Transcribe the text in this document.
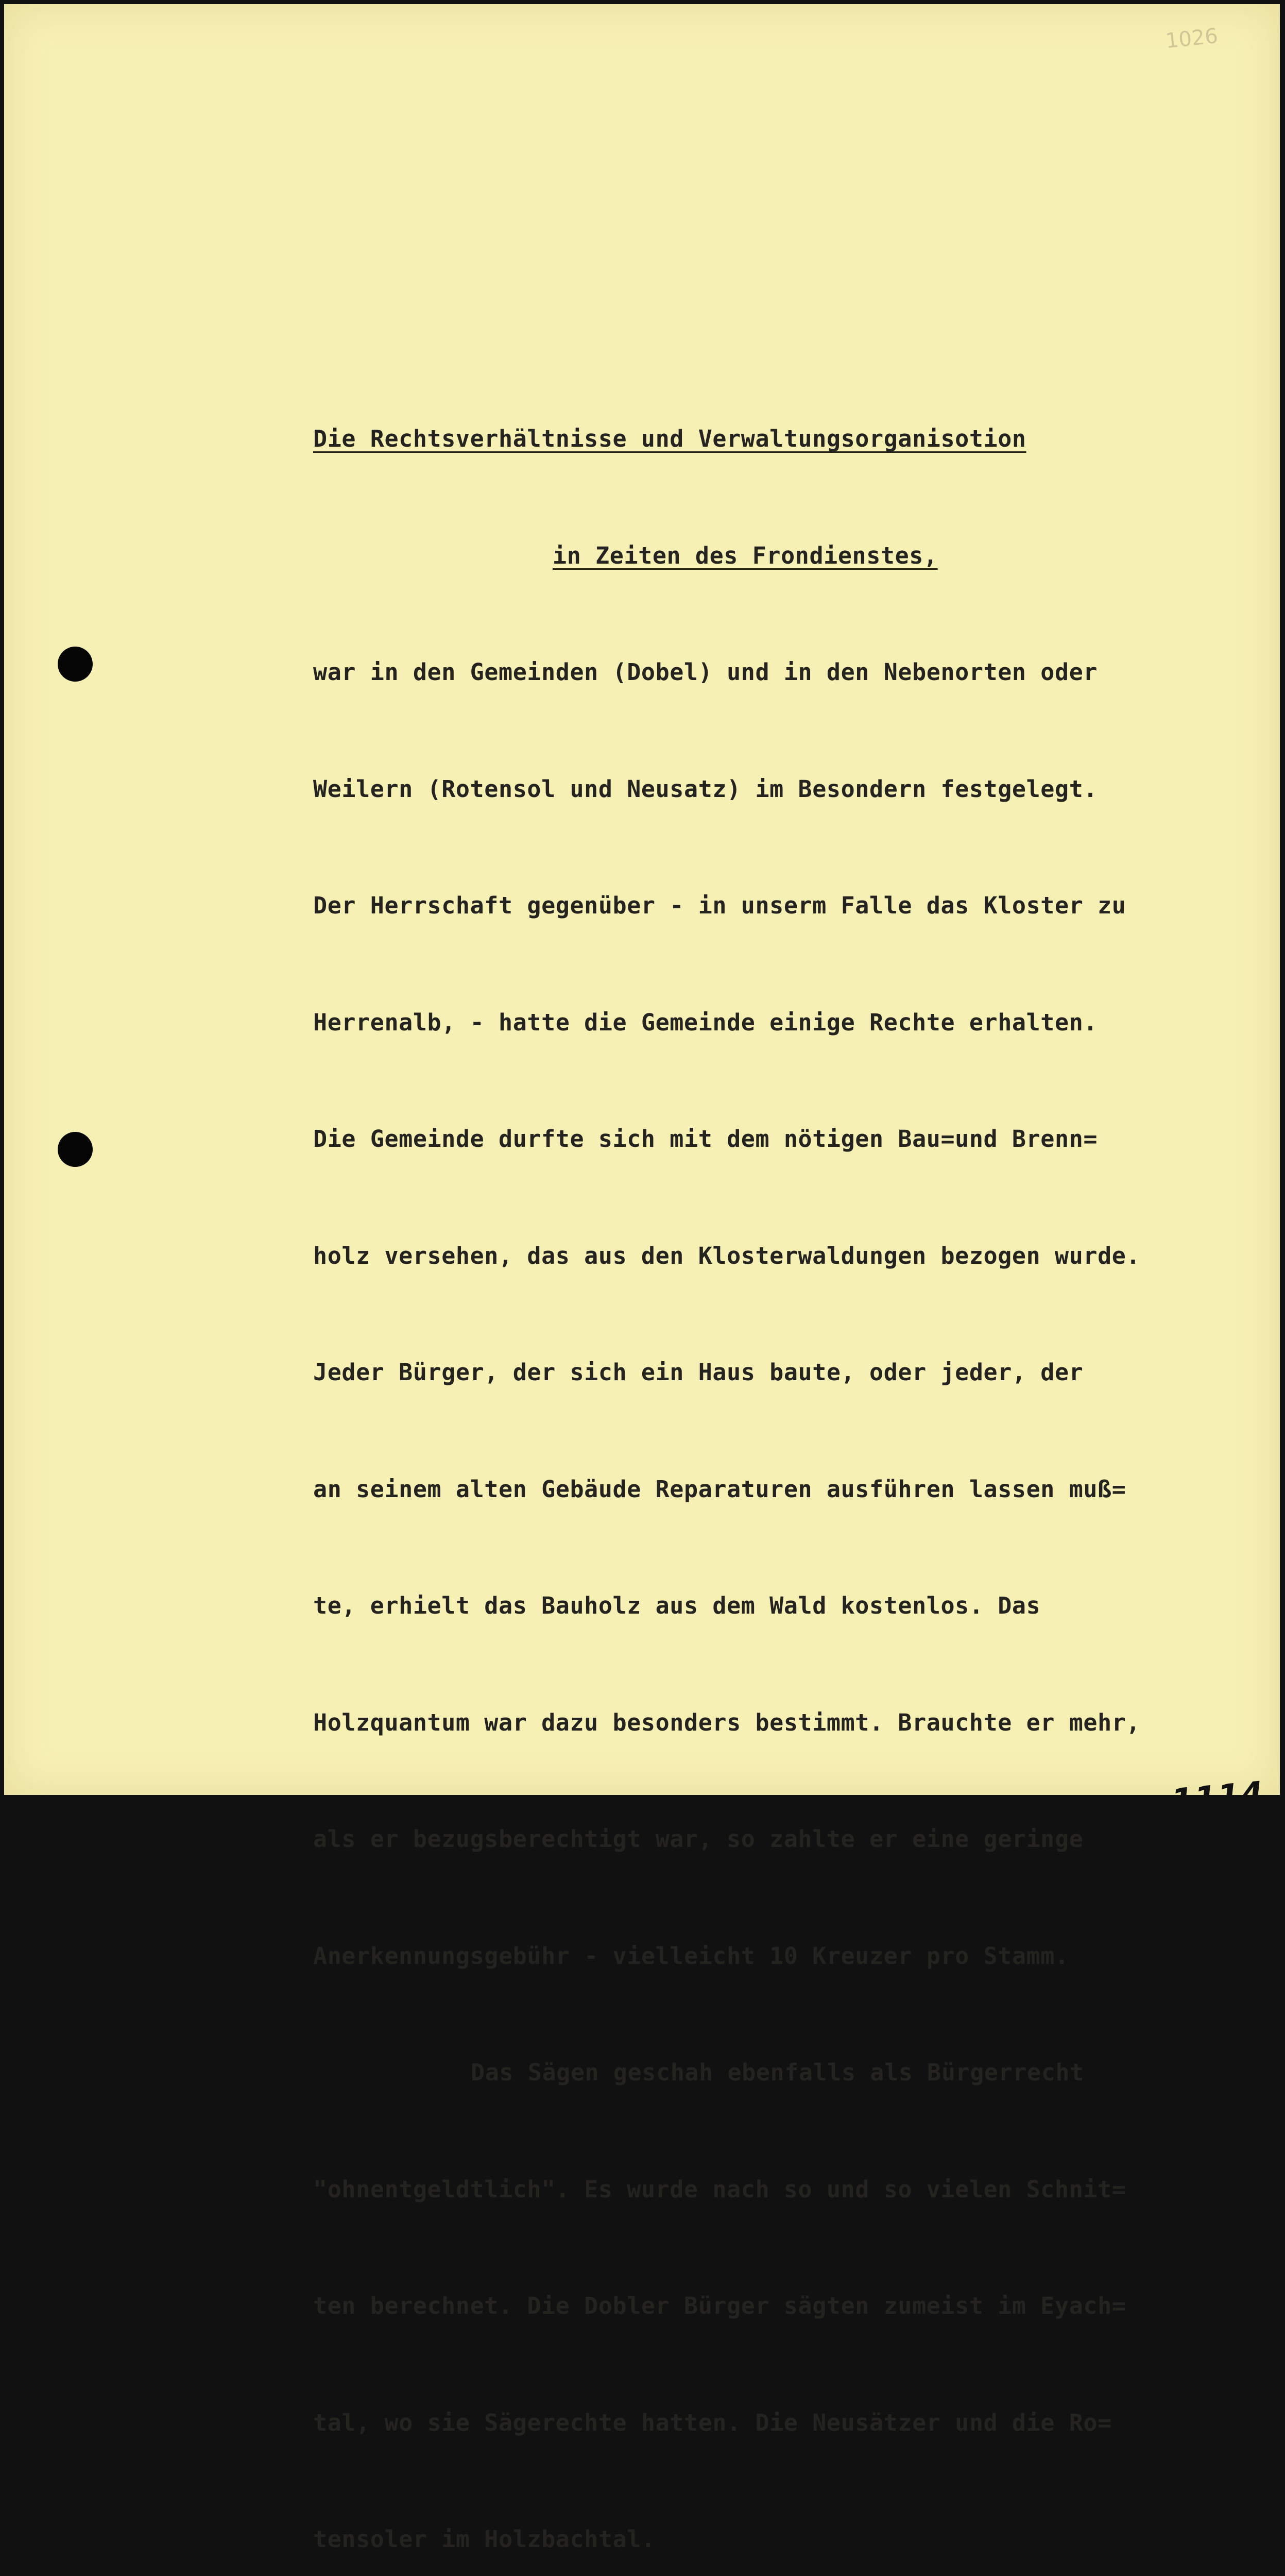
1026

Die Rechtsverhältnisse und Verwaltungsorganisotion

in Zeiten des Frondienstes,

war in den Gemeinden (Dobel) und in den Nebenorten oder

Weilern (Rotensol und Neusatz) im Besondern festgelegt.

Der Herrschaft gegenüber - in unserm Falle das Kloster zu

Herrenalb, - hatte die Gemeinde einige Rechte erhalten.

Die Gemeinde durfte sich mit dem nötigen Bau=und Brenn=

holz versehen, das aus den Klosterwaldungen bezogen wurde.

Jeder Bürger, der sich ein Haus baute, oder jeder, der

an seinem alten Gebäude Reparaturen ausführen lassen muß=

te, erhielt das Bauholz aus dem Wald kostenlos. Das

Holzquantum war dazu besonders bestimmt. Brauchte er mehr,

als er bezugsberechtigt war, so zahlte er eine geringe

Anerkennungsgebühr - vielleicht 10 Kreuzer pro Stamm.

Das Sägen geschah ebenfalls als Bürgerrecht

"ohnentgeldtlich". Es wurde nach so und so vielen Schnit=

ten berechnet. Die Dobler Bürger sägten zumeist im Eyach=

tal, wo sie Sägerechte hatten. Die Neusätzer und die Ro=

tensoler im Holzbachtal.

1114
